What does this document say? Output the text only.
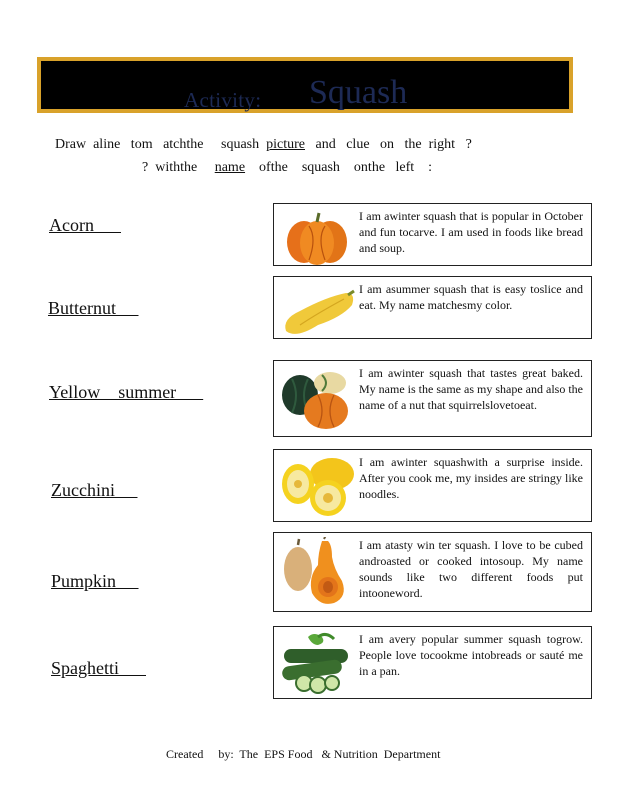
Activity: Squash
Draw  aline   tom   atchthe     squash  picture   and   clue   on   the  right   ?
?  withthe     name    ofthe    squash    onthe   left    :
Acorn
Butternut
Yellow    summer
Zucchini
Pumpkin
Spaghetti
I am awinter squash that is popular in October and fun tocarve. I am used in foods like bread and soup.
I am asummer squash that is easy toslice and eat. My name matchesmy color.
I am awinter squash that tastes great baked. My name is the same as my shape and also the name of a nut that squirrelslovetoeat.
I am awinter squashwith a surprise inside. After you cook me, my insides are stringy like noodles.
I am atasty win ter squash. I love to be cubed androasted or cooked intosoup. My name sounds like two different foods put intooneword.
I am avery popular summer squash togrow. People love tocookme intobreads or sauté me in a pan.
Created     by:  The  EPS Food   & Nutrition  Department
